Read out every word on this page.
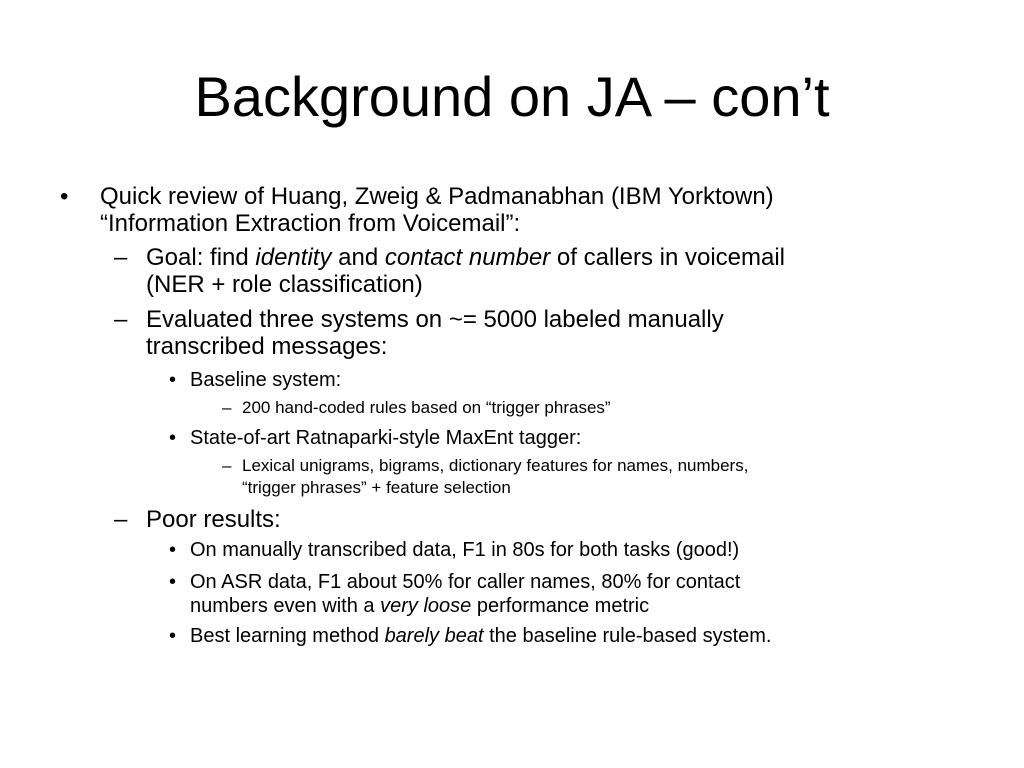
Background on JA – con’t
• Quick review of Huang, Zweig & Padmanabhan (IBM Yorktown)
“Information Extraction from Voicemail”:
– Goal: find identity and contact number of callers in voicemail
(NER + role classification)
– Evaluated three systems on ~= 5000 labeled manually
transcribed messages:
• Baseline system:
– 200 hand-coded rules based on “trigger phrases”
• State-of-art Ratnaparki-style MaxEnt tagger:
– Lexical unigrams, bigrams, dictionary features for names, numbers,
“trigger phrases” + feature selection
– Poor results:
• On manually transcribed data, F1 in 80s for both tasks (good!)
• On ASR data, F1 about 50% for caller names, 80% for contact
numbers even with a very loose performance metric
• Best learning method barely beat the baseline rule-based system.
